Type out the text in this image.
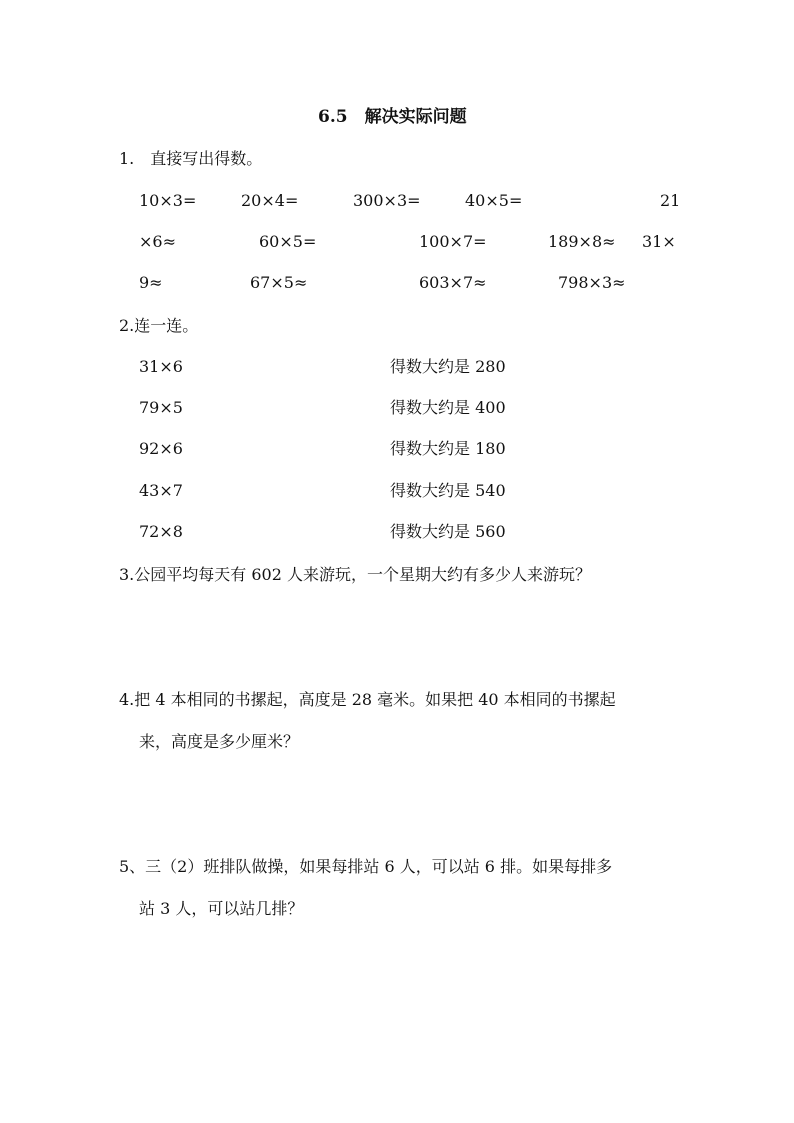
6.5　解决实际问题
1.　直接写出得数。
10×3=	20×4=	300×3=	40×5=	21
×6≈	60×5=	100×7=	189×8≈ 31×
9≈	67×5≈	603×7≈	798×3≈
2.连一连。
31×6	得数大约是 280
79×5	得数大约是 400
92×6	得数大约是 180
43×7	得数大约是 540
72×8	得数大约是 560
3.公园平均每天有 602 人来游玩，一个星期大约有多少人来游玩？
4.把 4 本相同的书摞起，高度是 28 毫米。如果把 40 本相同的书摞起
来，高度是多少厘米？
5、三（2）班排队做操，如果每排站 6 人，可以站 6 排。如果每排多
站 3 人，可以站几排？
